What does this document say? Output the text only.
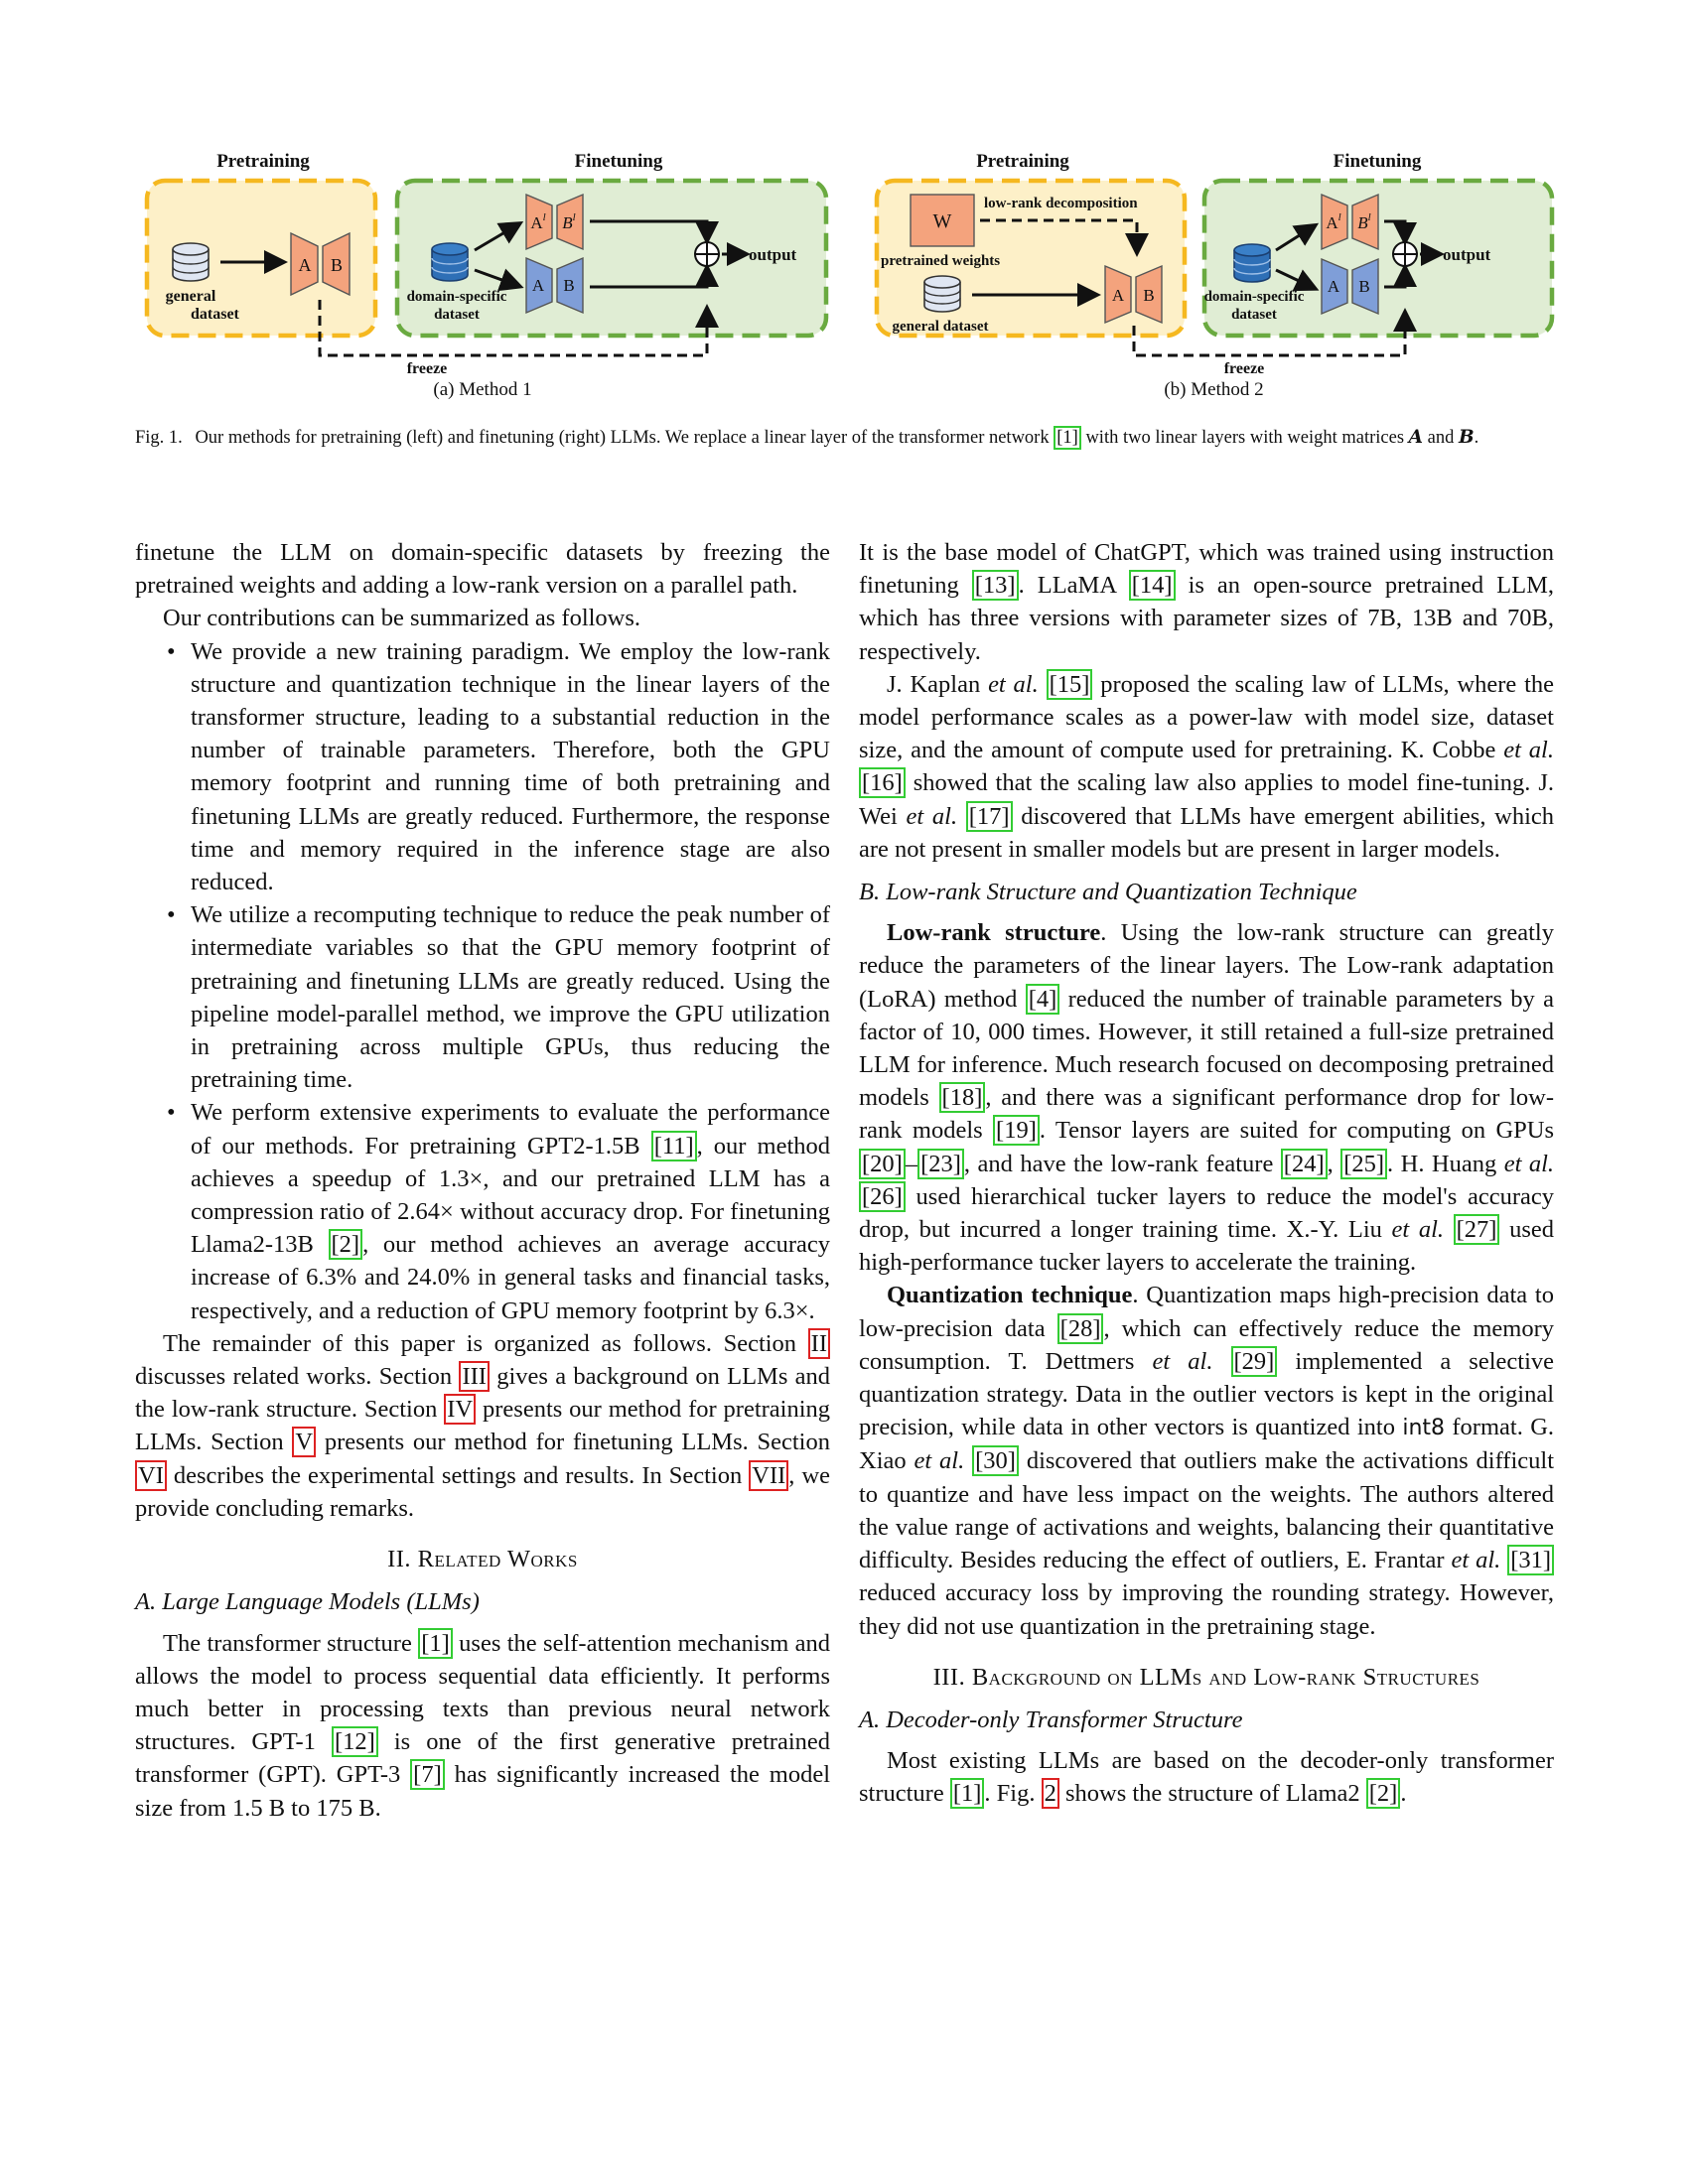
Pretraining	Finetuning
general
dataset
A B
domain-specific
dataset
$A^l$ $B^l$
A B
output
freeze
(a) Method 1
Pretraining	Finetuning
W
low-rank decomposition
pretrained weights
general dataset
A B	domain-specific
dataset
$A^l$ $B^l$
A B
output
freeze
(b) Method 2
Fig. 1. Our methods for pretraining (left) and finetuning (right) LLMs. We replace a linear layer of the transformer network [1] with two linear layers with weight matrices A and B.

finetune the LLM on domain-specific datasets by freezing the pretrained weights and adding a low-rank version on a parallel path.

Our contributions can be summarized as follows.

• We provide a new training paradigm. We employ the low-rank structure and quantization technique in the linear layers of the transformer structure, leading to a substantial reduction in the number of trainable parameters. Therefore, both the GPU memory footprint and running time of both pretraining and finetuning LLMs are greatly reduced. Furthermore, the response time and memory required in the inference stage are also reduced.
• We utilize a recomputing technique to reduce the peak number of intermediate variables so that the GPU memory footprint of pretraining and finetuning LLMs are greatly reduced. Using the pipeline model-parallel method, we improve the GPU utilization in pretraining across multiple GPUs, thus reducing the pretraining time.
• We perform extensive experiments to evaluate the performance of our methods. For pretraining GPT2-1.5B [11] , our method achieves a speedup of 1.3×, and our pretrained LLM has a compression ratio of 2.64× without accuracy drop. For finetuning Llama2-13B [2] , our method achieves an average accuracy increase of 6.3% and 24.0% in general tasks and financial tasks, respectively, and a reduction of GPU memory footprint by 6.3×.

The remainder of this paper is organized as follows. Section II discusses related works. Section III gives a background on LLMs and the low-rank structure. Section IV presents our method for pretraining LLMs. Section V presents our method for finetuning LLMs. Section VI describes the experimental settings and results. In Section VII , we provide concluding remarks.

II. Related Works
A. Large Language Models (LLMs)

The transformer structure [1] uses the self-attention mechanism and allows the model to process sequential data efficiently. It performs much better in processing texts than previous neural network structures. GPT-1 [12] is one of the first generative pretrained transformer (GPT). GPT-3 [7] has significantly increased the model size from 1.5 B to 175 B.

It is the base model of ChatGPT, which was trained using instruction finetuning [13] . LLaMA [14] is an open-source pretrained LLM, which has three versions with parameter sizes of 7B, 13B and 70B, respectively.

J. Kaplan et al. [15] proposed the scaling law of LLMs, where the model performance scales as a power-law with model size, dataset size, and the amount of compute used for pretraining. K. Cobbe et al. [16] showed that the scaling law also applies to model fine-tuning. J. Wei et al. [17] discovered that LLMs have emergent abilities, which are not present in smaller models but are present in larger models.

B. Low-rank Structure and Quantization Technique

Low-rank structure. Using the low-rank structure can greatly reduce the parameters of the linear layers. The Low-rank adaptation (LoRA) method [4] reduced the number of trainable parameters by a factor of 10, 000 times. However, it still retained a full-size pretrained LLM for inference. Much research focused on decomposing pretrained models [18] , and there was a significant performance drop for low-rank models [19] . Tensor layers are suited for computing on GPUs [20] – [23] , and have the low-rank feature [24] , [25] . H. Huang et al. [26] used hierarchical tucker layers to reduce the model's accuracy drop, but incurred a longer training time. X.-Y. Liu et al. [27] used high-performance tucker layers to accelerate the training.

Quantization technique. Quantization maps high-precision data to low-precision data [28] , which can effectively reduce the memory consumption. T. Dettmers et al. [29] implemented a selective quantization strategy. Data in the outlier vectors is kept in the original precision, while data in other vectors is quantized into int8 format. G. Xiao et al. [30] discovered that outliers make the activations difficult to quantize and have less impact on the weights. The authors altered the value range of activations and weights, balancing their quantitative difficulty. Besides reducing the effect of outliers, E. Frantar et al. [31] reduced accuracy loss by improving the rounding strategy. However, they did not use quantization in the pretraining stage.

III. Background on LLMs and Low-rank Structures
A. Decoder-only Transformer Structure

Most existing LLMs are based on the decoder-only transformer structure [1] . Fig. 2 shows the structure of Llama2 [2] .
